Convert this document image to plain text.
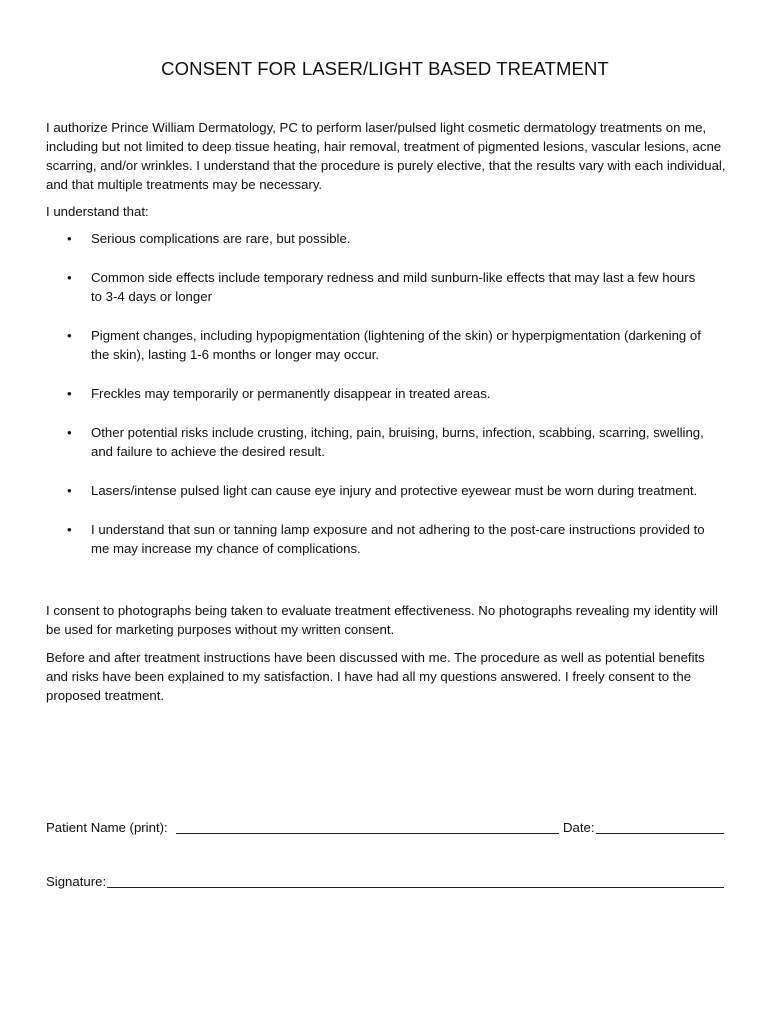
CONSENT FOR LASER/LIGHT BASED TREATMENT
I authorize Prince William Dermatology, PC to perform laser/pulsed light cosmetic dermatology treatments on me, including but not limited to deep tissue heating, hair removal, treatment of pigmented lesions, vascular lesions, acne scarring, and/or wrinkles. I understand that the procedure is purely elective, that the results vary with each individual, and that multiple treatments may be necessary.
I understand that:
• Serious complications are rare, but possible.
• Common side effects include temporary redness and mild sunburn-like effects that may last a few hours to 3-4 days or longer
• Pigment changes, including hypopigmentation (lightening of the skin) or hyperpigmentation (darkening of the skin), lasting 1-6 months or longer may occur.
• Freckles may temporarily or permanently disappear in treated areas.
• Other potential risks include crusting, itching, pain, bruising, burns, infection, scabbing, scarring, swelling, and failure to achieve the desired result.
• Lasers/intense pulsed light can cause eye injury and protective eyewear must be worn during treatment.
• I understand that sun or tanning lamp exposure and not adhering to the post-care instructions provided to me may increase my chance of complications.
I consent to photographs being taken to evaluate treatment effectiveness. No photographs revealing my identity will be used for marketing purposes without my written consent.
Before and after treatment instructions have been discussed with me. The procedure as well as potential benefits and risks have been explained to my satisfaction. I have had all my questions answered. I freely consent to the proposed treatment.
Patient Name (print):	Date:
Signature:
